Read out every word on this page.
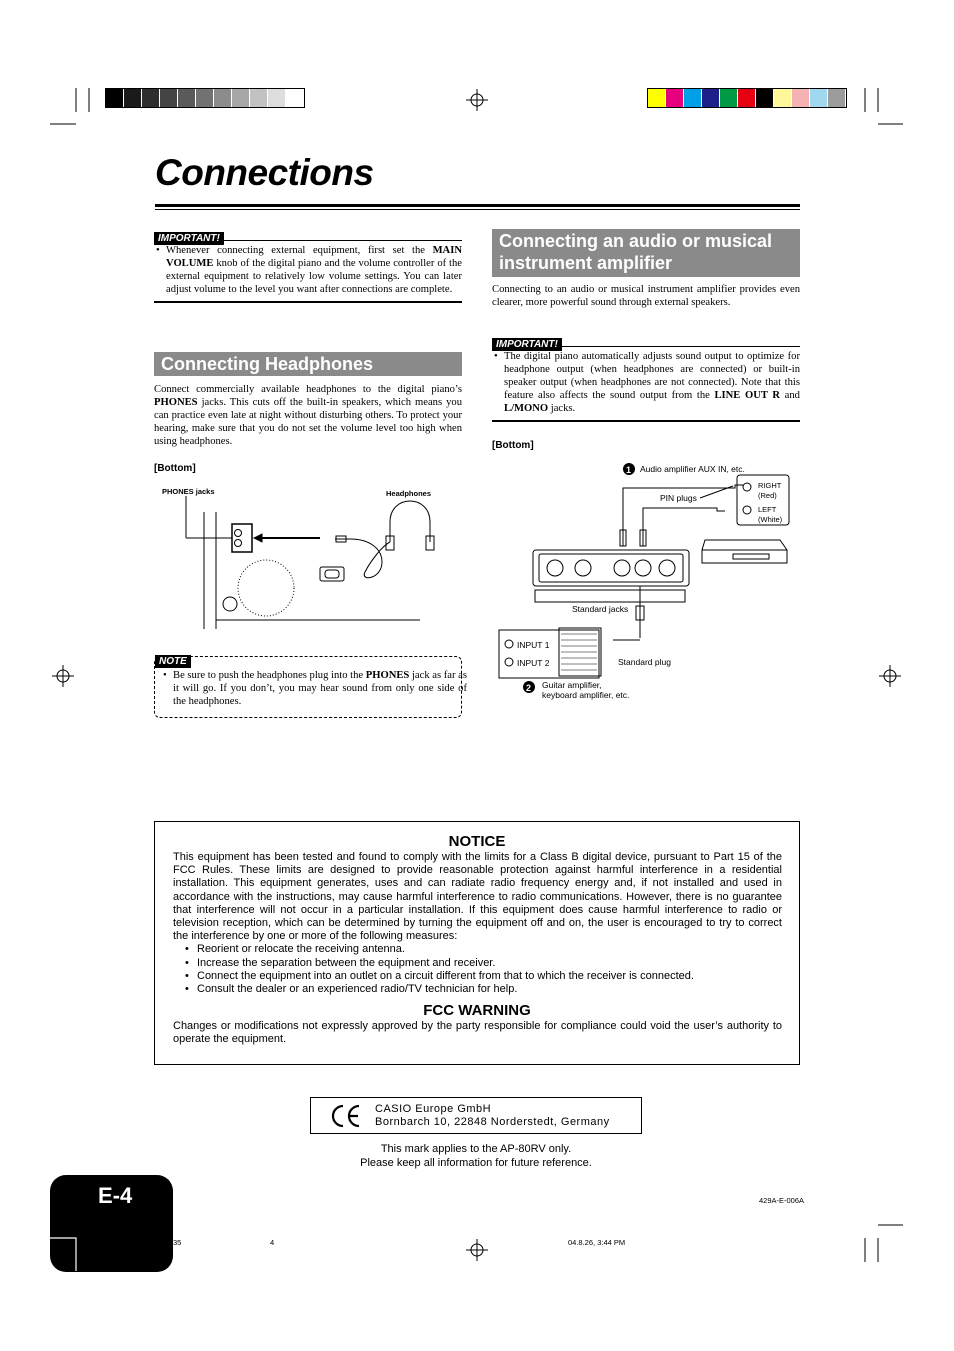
Connections
IMPORTANT!
• Whenever connecting external equipment, first set the MAIN VOLUME knob of the digital piano and the volume controller of the external equipment to relatively low volume settings. You can later adjust volume to the level you want after connections are complete.
Connecting Headphones
Connect commercially available headphones to the digital piano’s PHONES jacks. This cuts off the built-in speakers, which means you can practice even late at night without disturbing others. To protect your hearing, make sure that you do not set the volume level too high when using headphones.
[Bottom]
PHONES jacks	Headphones
NOTE
• Be sure to push the headphones plug into the PHONES jack as far as it will go. If you don’t, you may hear sound from only one side of the headphones.
Connecting an audio or musical instrument amplifier
Connecting to an audio or musical instrument amplifier provides even clearer, more powerful sound through external speakers.
IMPORTANT!
• The digital piano automatically adjusts sound output to optimize for headphone output (when headphones are connected) or built-in speaker output (when headphones are not connected). Note that this feature also affects the sound output from the LINE OUT R and L/MONO jacks.
[Bottom]
1
2
Audio amplifier AUX IN, etc.
PIN plugs
RIGHT
(Red)
LEFT
(White)
Standard jacks
INPUT 1
INPUT 2	Standard plug
Guitar amplifier,
keyboard amplifier, etc.
NOTICE
This equipment has been tested and found to comply with the limits for a Class B digital device, pursuant to Part 15 of the FCC Rules. These limits are designed to provide reasonable protection against harmful interference in a residential installation. This equipment generates, uses and can radiate radio frequency energy and, if not installed and used in accordance with the instructions, may cause harmful interference to radio communications. However, there is no guarantee that interference will not occur in a particular installation. If this equipment does cause harmful interference to radio or television reception, which can be determined by turning the equipment off and on, the user is encouraged to try to correct the interference by one or more of the following measures:
• Reorient or relocate the receiving antenna.
• Increase the separation between the equipment and receiver.
• Connect the equipment into an outlet on a circuit different from that to which the receiver is connected.
• Consult the dealer or an experienced radio/TV technician for help.
FCC WARNING
Changes or modifications not expressly approved by the party responsible for compliance could void the user’s authority to operate the equipment.
CASIO Europe GmbH
Bornbarch 10, 22848 Norderstedt, Germany
This mark applies to the AP-80RV only.
Please keep all information for future reference.
E-4	429A-E-006A
35	4	04.8.26, 3:44 PM
